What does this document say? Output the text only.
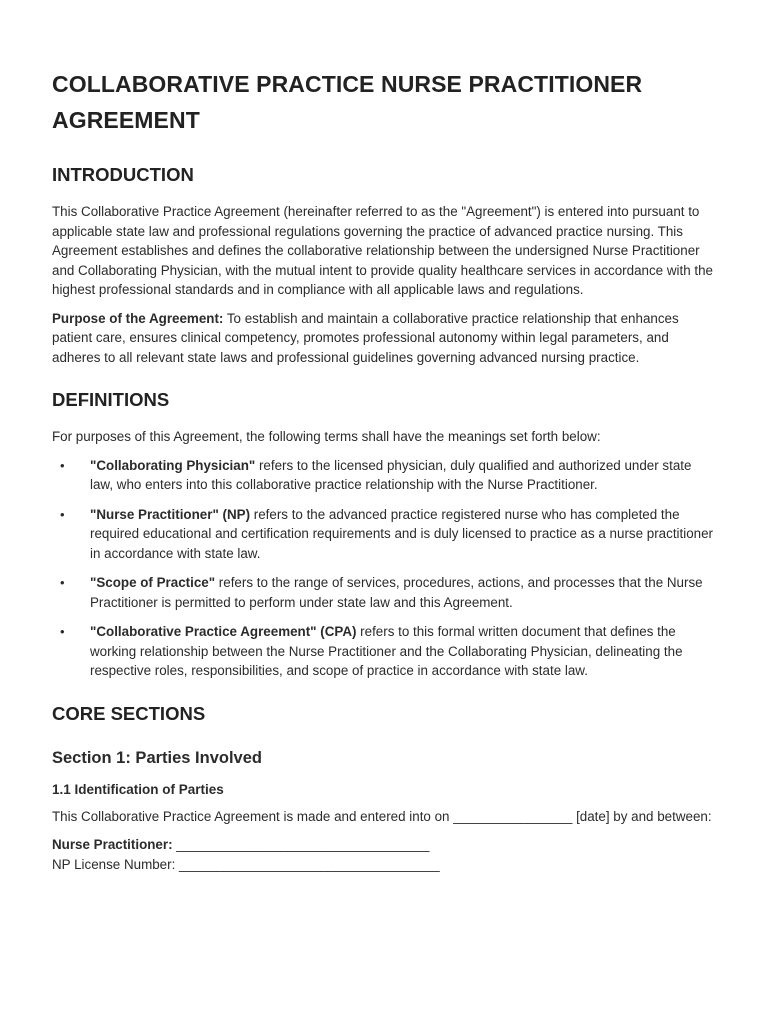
COLLABORATIVE PRACTICE NURSE PRACTITIONER AGREEMENT
INTRODUCTION

This Collaborative Practice Agreement (hereinafter referred to as the "Agreement") is entered into pursuant to applicable state law and professional regulations governing the practice of advanced practice nursing. This Agreement establishes and defines the collaborative relationship between the undersigned Nurse Practitioner and Collaborating Physician, with the mutual intent to provide quality healthcare services in accordance with the highest professional standards and in compliance with all applicable laws and regulations.

Purpose of the Agreement: To establish and maintain a collaborative practice relationship that enhances patient care, ensures clinical competency, promotes professional autonomy within legal parameters, and adheres to all relevant state laws and professional guidelines governing advanced nursing practice.

DEFINITIONS

For purposes of this Agreement, the following terms shall have the meanings set forth below:

• "Collaborating Physician" refers to the licensed physician, duly qualified and authorized under state law, who enters into this collaborative practice relationship with the Nurse Practitioner.
• "Nurse Practitioner" (NP) refers to the advanced practice registered nurse who has completed the required educational and certification requirements and is duly licensed to practice as a nurse practitioner in accordance with state law.
• "Scope of Practice" refers to the range of services, procedures, actions, and processes that the Nurse Practitioner is permitted to perform under state law and this Agreement.
• "Collaborative Practice Agreement" (CPA) refers to this formal written document that defines the working relationship between the Nurse Practitioner and the Collaborating Physician, delineating the respective roles, responsibilities, and scope of practice in accordance with state law.
CORE SECTIONS
Section 1: Parties Involved
1.1 Identification of Parties

This Collaborative Practice Agreement is made and entered into on ________________ [date] by and between:

Nurse Practitioner: __________________________________

NP License Number: ___________________________________
